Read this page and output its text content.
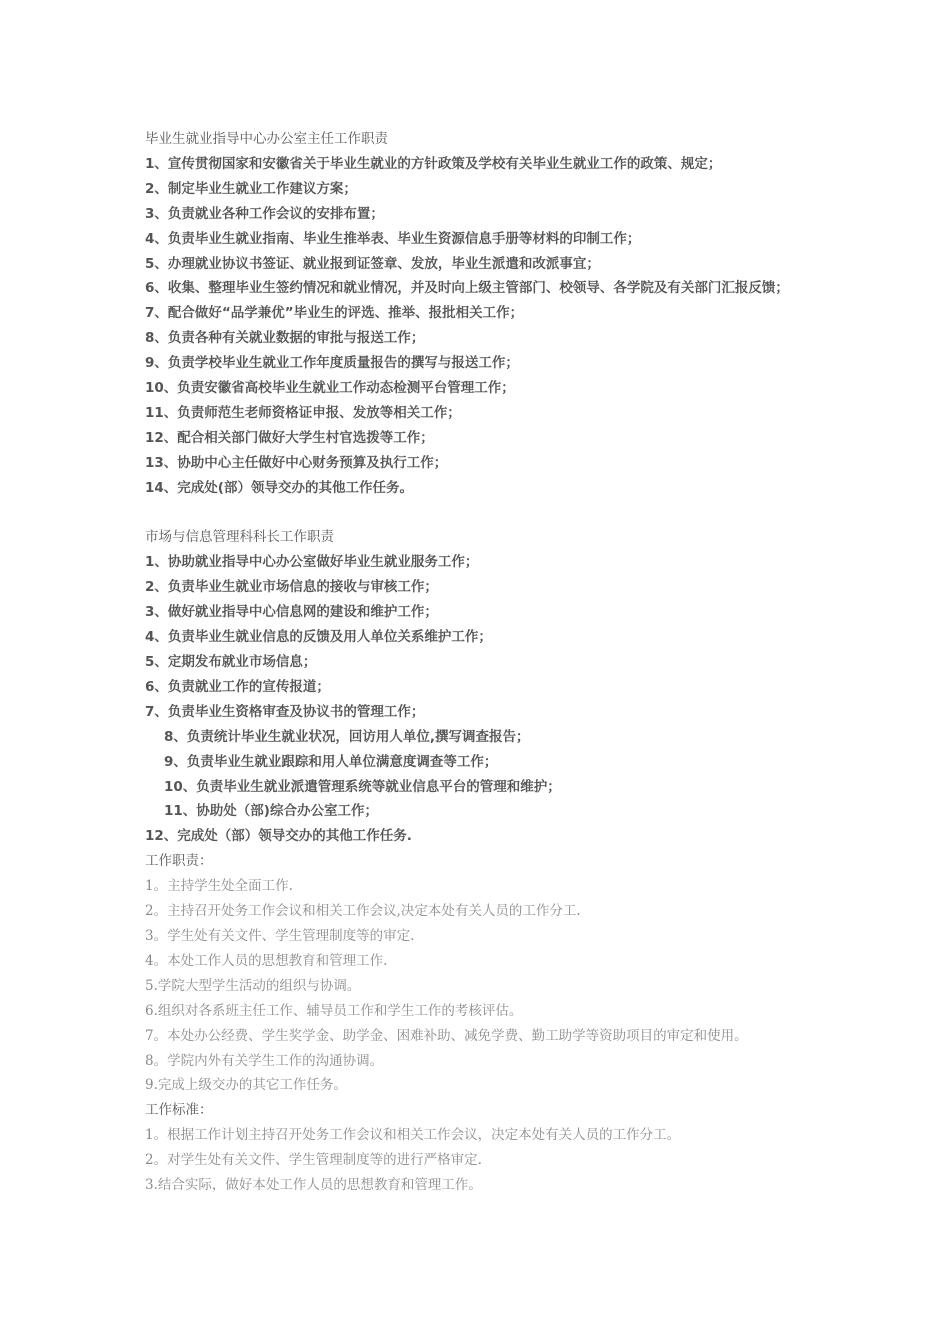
毕业生就业指导中心办公室主任工作职责
1、宣传贯彻国家和安徽省关于毕业生就业的方针政策及学校有关毕业生就业工作的政策、规定；
2、制定毕业生就业工作建议方案；
3、负责就业各种工作会议的安排布置；
4、负责毕业生就业指南、毕业生推举表、毕业生资源信息手册等材料的印制工作；
5、办理就业协议书签证、就业报到证签章、发放，毕业生派遣和改派事宜；
6、收集、整理毕业生签约情况和就业情况，并及时向上级主管部门、校领导、各学院及有关部门汇报反馈；
7、配合做好“品学兼优”毕业生的评选、推举、报批相关工作；
8、负责各种有关就业数据的审批与报送工作；
9、负责学校毕业生就业工作年度质量报告的撰写与报送工作；
10、负责安徽省高校毕业生就业工作动态检测平台管理工作；
11、负责师范生老师资格证申报、发放等相关工作；
12、配合相关部门做好大学生村官选拨等工作；
13、协助中心主任做好中心财务预算及执行工作；
14、完成处(部）领导交办的其他工作任务。
市场与信息管理科科长工作职责
1、协助就业指导中心办公室做好毕业生就业服务工作；
2、负责毕业生就业市场信息的接收与审核工作；
3、做好就业指导中心信息网的建设和维护工作；
4、负责毕业生就业信息的反馈及用人单位关系维护工作；
5、定期发布就业市场信息；
6、负责就业工作的宣传报道；
7、负责毕业生资格审查及协议书的管理工作；
8、负责统计毕业生就业状况，回访用人单位,撰写调查报告；
9、负责毕业生就业跟踪和用人单位满意度调查等工作；
10、负责毕业生就业派遣管理系统等就业信息平台的管理和维护；
11、协助处（部)综合办公室工作；
12、完成处（部）领导交办的其他工作任务.
工作职责：
1。主持学生处全面工作.
2。主持召开处务工作会议和相关工作会议,决定本处有关人员的工作分工.
3。学生处有关文件、学生管理制度等的审定.
4。本处工作人员的思想教育和管理工作.
5.学院大型学生活动的组织与协调。
6.组织对各系班主任工作、辅导员工作和学生工作的考核评估。
7。本处办公经费、学生奖学金、助学金、困难补助、减免学费、勤工助学等资助项目的审定和使用。
8。学院内外有关学生工作的沟通协调。
9.完成上级交办的其它工作任务。
工作标准：
1。根据工作计划主持召开处务工作会议和相关工作会议，决定本处有关人员的工作分工。
2。对学生处有关文件、学生管理制度等的进行严格审定.
3.结合实际，做好本处工作人员的思想教育和管理工作。
